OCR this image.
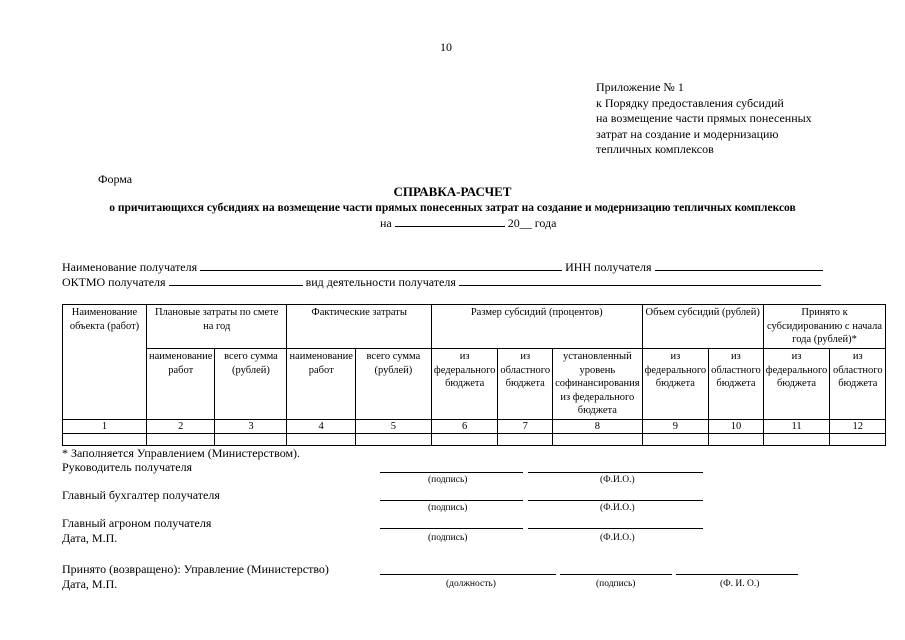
10
Приложение № 1
к Порядку предоставления субсидий
на возмещение части прямых понесенных
затрат на создание и модернизацию
тепличных комплексов
Форма
СПРАВКА-РАСЧЕТ
о причитающихся субсидиях на возмещение части прямых понесенных затрат на создание и модернизацию тепличных комплексов
на	20__ года
Наименование получателя	ИНН получателя
ОКТМО получателя	вид деятельности получателя
Наименование объекта (работ)	Плановые затраты по смете на год		Фактические затраты		Размер субсидий (процентов)			Объем субсидий (рублей)		Принято к субсидированию с начала года (рублей)*	
	наименование работ	всего сумма (рублей)	наименование работ	всего сумма (рублей)	из федерального бюджета	из областного бюджета	установленный уровень софинансирования из федерального бюджета	из федерального бюджета	из областного бюджета	из федерального бюджета	из областного бюджета
1	2	3	4	5	6	7	8	9	10	11	12

* Заполняется Управлением (Министерством).
Руководитель получателя
(подпись)	(Ф.И.О.)
Главный бухгалтер получателя
(подпись)	(Ф.И.О.)
Главный агроном получателя
Дата, М.П.	(подпись)	(Ф.И.О.)
Принято (возвращено): Управление (Министерство)
Дата, М.П.	(должность)	(подпись)	(Ф. И. О.)
